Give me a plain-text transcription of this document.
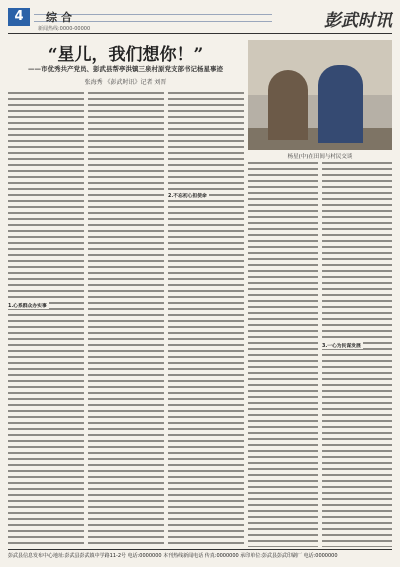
4	综合
新闻热线:0000-00000	彭武时讯
“星儿，我们想你！”
——市优秀共产党员、彭武县帮亭洪镇三泉村原党支部书记杨星事迹
张海秀 《彭武时讯》记者 刘晋
杨星(中)在田间与村民交谈
1.心系群众办实事
2.不忘初心担使命
3.一心为民谋发展
彭武县信息发布中心地址:彭武县彭武镇中学路11-2号 电话:0000000 本刊热线新闻电话 传真:0000000 承印单位:彭武县彭武印刷厂 电话:0000000
